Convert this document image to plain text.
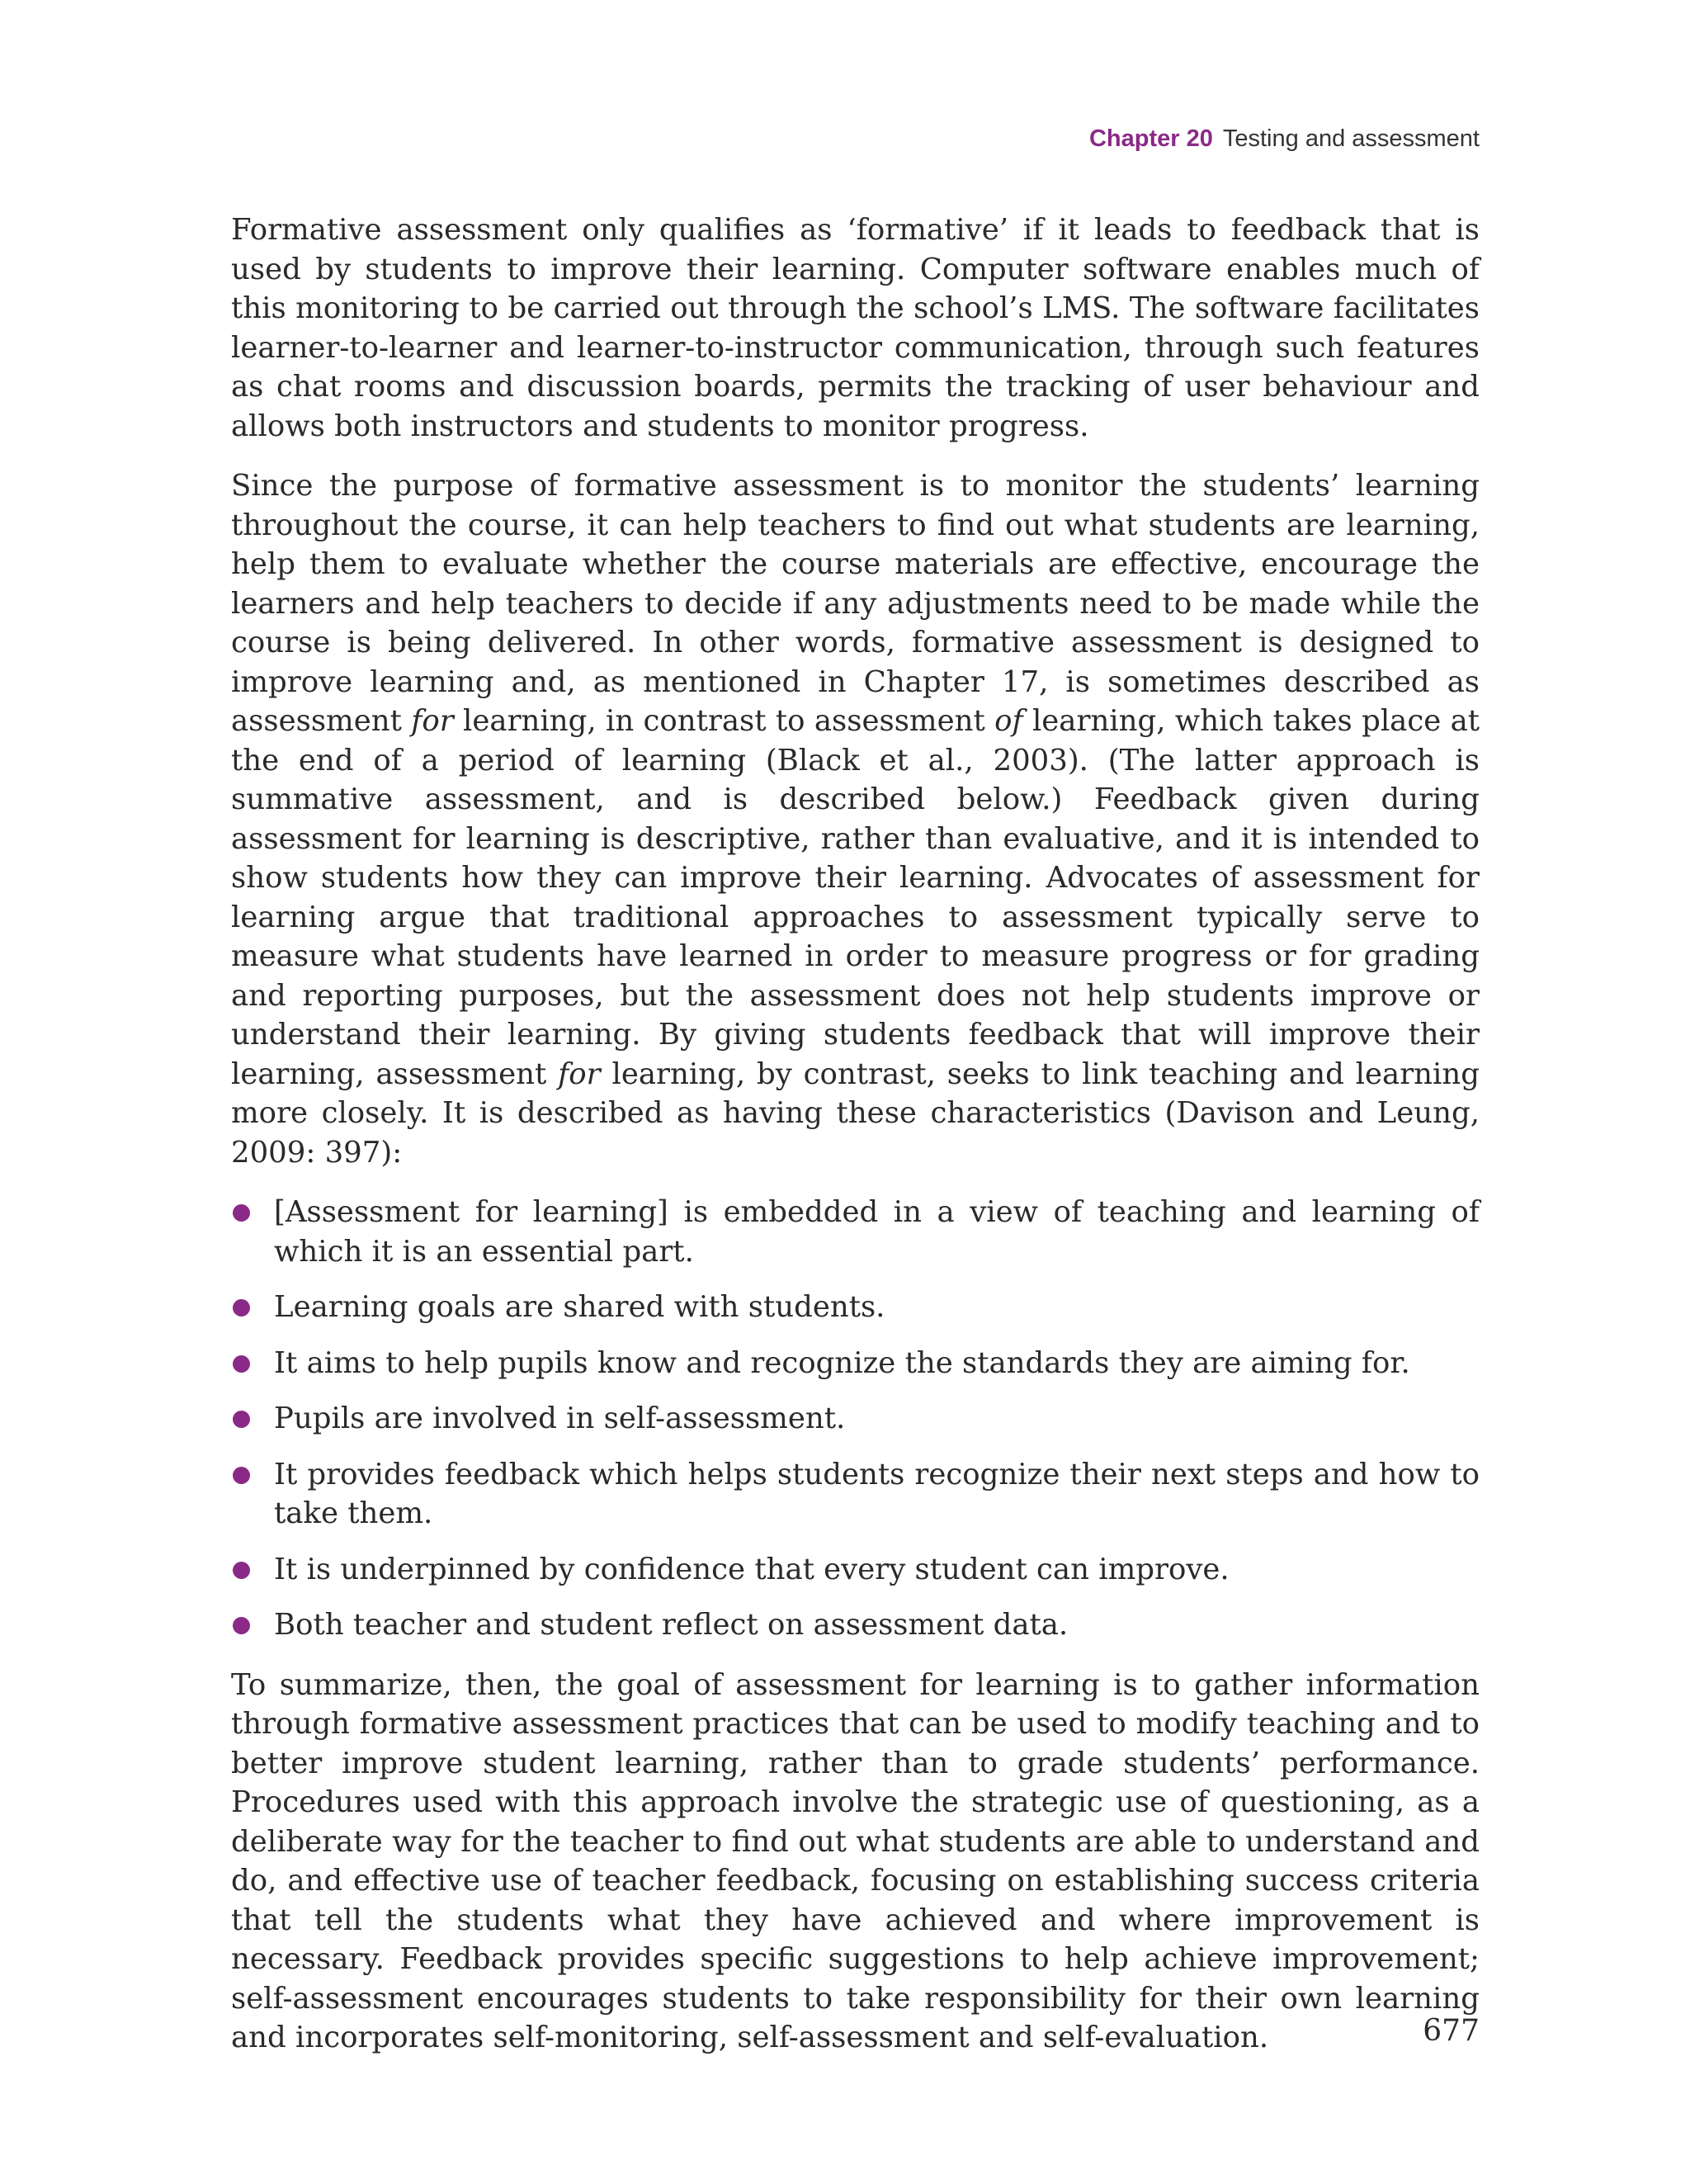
Chapter 20 Testing and assessment

Formative assessment only qualifies as ‘formative’ if it leads to feedback that is used by students to improve their learning. Computer software enables much of this monitoring to be carried out through the school’s LMS. The software facilitates learner-to-learner and learner-to-instructor communication, through such features as chat rooms and discussion boards, permits the tracking of user behaviour and allows both instructors and students to monitor progress.

Since the purpose of formative assessment is to monitor the students’ learning throughout the course, it can help teachers to find out what students are learning, help them to evaluate whether the course materials are effective, encourage the learners and help teachers to decide if any adjustments need to be made while the course is being delivered. In other words, formative assessment is designed to improve learning and, as mentioned in Chapter 17, is sometimes described as assessment for learning, in contrast to assessment of learning, which takes place at the end of a period of learning (Black et al., 2003). (The latter approach is summative assessment, and is described below.) Feedback given during assessment for learning is descriptive, rather than evaluative, and it is intended to show students how they can improve their learning. Advocates of assessment for learning argue that traditional approaches to assessment typically serve to measure what students have learned in order to measure progress or for grading and reporting purposes, but the assessment does not help students improve or understand their learning. By giving students feedback that will improve their learning, assessment for learning, by contrast, seeks to link teaching and learning more closely. It is described as having these characteristics (Davison and Leung, 2009: 397):

[Assessment for learning] is embedded in a view of teaching and learning of which it is an essential part.
Learning goals are shared with students.
It aims to help pupils know and recognize the standards they are aiming for.
Pupils are involved in self-assessment.
It provides feedback which helps students recognize their next steps and how to take them.
It is underpinned by confidence that every student can improve.
Both teacher and student reflect on assessment data.

To summarize, then, the goal of assessment for learning is to gather information through formative assessment practices that can be used to modify teaching and to better improve student learning, rather than to grade students’ performance. Procedures used with this approach involve the strategic use of questioning, as a deliberate way for the teacher to find out what students are able to understand and do, and effective use of teacher feedback, focusing on establishing success criteria that tell the students what they have achieved and where improvement is necessary. Feedback provides specific suggestions to help achieve improvement; self-assessment encourages students to take responsibility for their own learning and incorporates self-monitoring, self-assessment and self-evaluation.	677
